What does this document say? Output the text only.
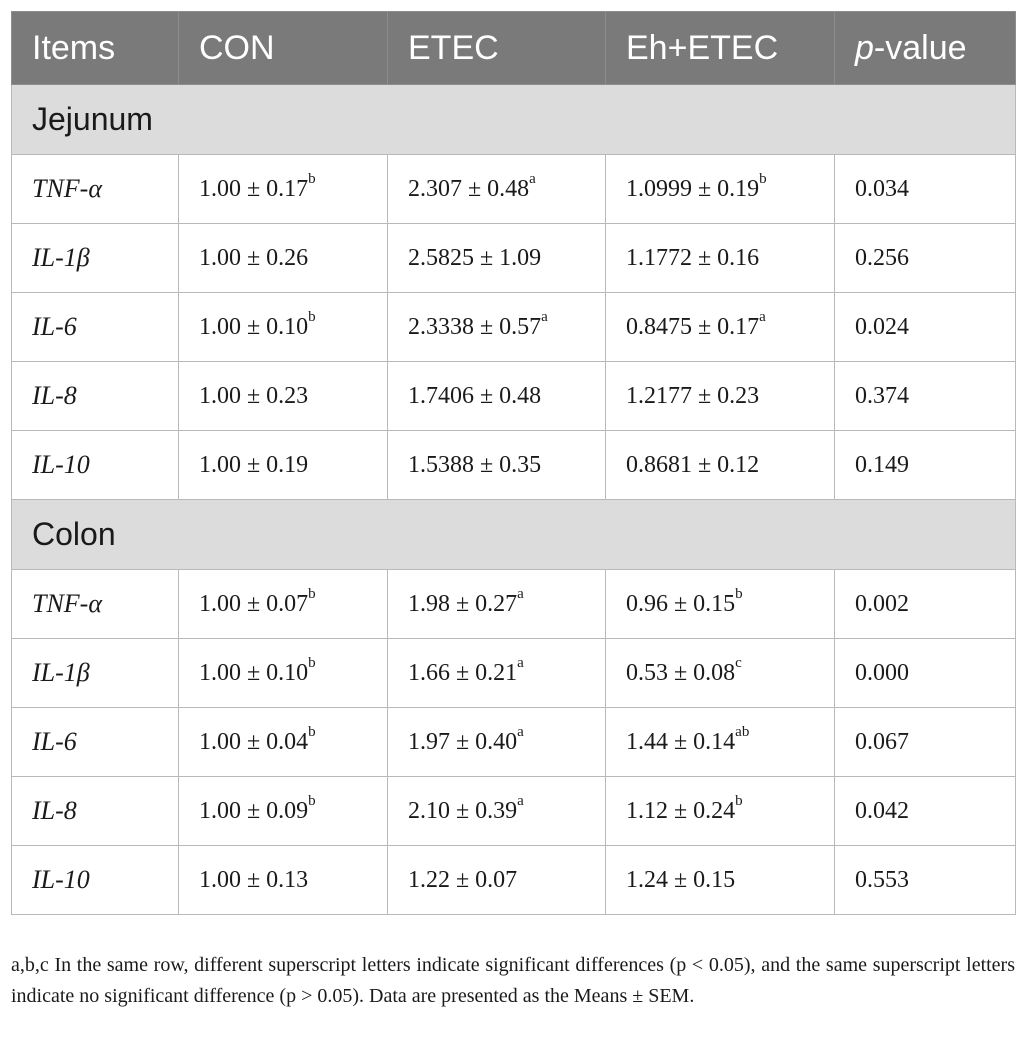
Items	CON	ETEC	Eh+ETEC	p-value
Jejunum				
TNF-α	1.00 ± 0.17$^b$	2.307 ± 0.48$^a$	1.0999 ± 0.19$^b$	0.034
IL-1β	1.00 ± 0.26	2.5825 ± 1.09	1.1772 ± 0.16	0.256
IL-6	1.00 ± 0.10$^b$	2.3338 ± 0.57$^a$	0.8475 ± 0.17$^a$	0.024
IL-8	1.00 ± 0.23	1.7406 ± 0.48	1.2177 ± 0.23	0.374
IL-10	1.00 ± 0.19	1.5388 ± 0.35	0.8681 ± 0.12	0.149
Colon				
TNF-α	1.00 ± 0.07$^b$	1.98 ± 0.27$^a$	0.96 ± 0.15$^b$	0.002
IL-1β	1.00 ± 0.10$^b$	1.66 ± 0.21$^a$	0.53 ± 0.08$^c$	0.000
IL-6	1.00 ± 0.04$^b$	1.97 ± 0.40$^a$	1.44 ± 0.14$^{ab}$	0.067
IL-8	1.00 ± 0.09$^b$	2.10 ± 0.39$^a$	1.12 ± 0.24$^b$	0.042
IL-10	1.00 ± 0.13	1.22 ± 0.07	1.24 ± 0.15	0.553

a,b,c In the same row, different superscript letters indicate significant differences (p < 0.05), and the same superscript letters indicate no significant difference (p > 0.05). Data are presented as the Means ± SEM.
